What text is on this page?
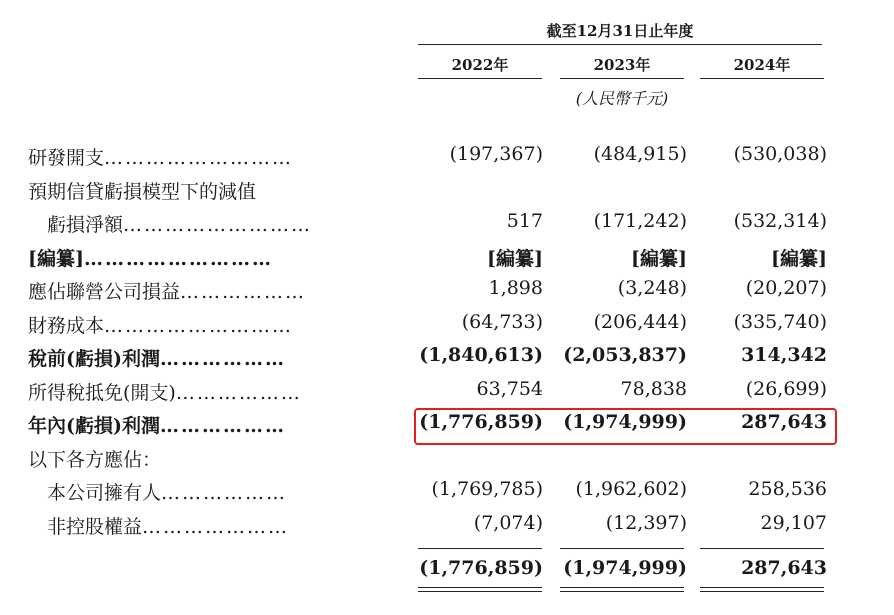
截至12月31日止年度
2022年	2023年	2024年
(人民幣千元)
研發開支………………………	(197,367)	(484,915) (530,038)
預期信貸虧損模型下的減值
　虧損淨額………………………	517	(171,242) (532,314)
[編纂]………………………	[編纂]	[編纂]	[編纂]
應佔聯營公司損益………………	1,898	(3,248)	(20,207)
財務成本………………………	(64,733)	(206,444) (335,740)
稅前(虧損)利潤………………	(1,840,613) (2,053,837)	314,342
所得稅抵免(開支)………………	63,754	78,838	(26,699)
年內(虧損)利潤………………	(1,776,859) (1,974,999)	287,643
以下各方應佔：
　本公司擁有人………………	(1,769,785) (1,962,602)	258,536
　非控股權益…………………	(7,074)	(12,397)	29,107
(1,776,859) (1,974,999)	287,643
